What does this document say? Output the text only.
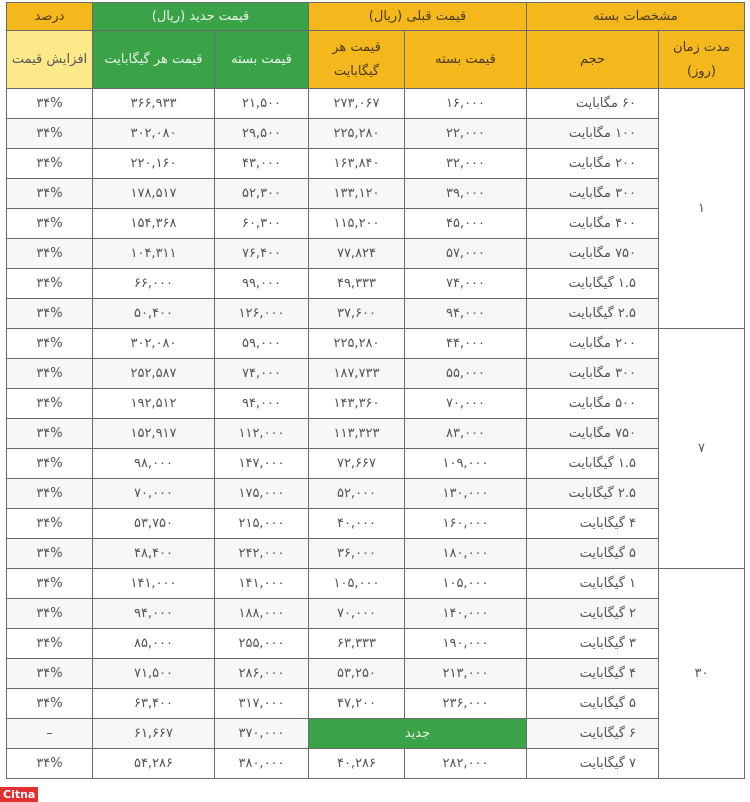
مشخصات بسته		قیمت قبلی (ریال)		قیمت جدید (ریال)		درصد
مدت زمان (روز)	حجم	قیمت بسته	قیمت هر گیگابایت	قیمت بسته	قیمت هر گیگابایت	افزایش قیمت
۱	۶۰ مگابایت	۱۶,۰۰۰	۲۷۳,۰۶۷	۲۱,۵۰۰	۳۶۶,۹۳۳	۳۴%
	۱۰۰ مگابایت	۲۲,۰۰۰	۲۲۵,۲۸۰	۲۹,۵۰۰	۳۰۲,۰۸۰	۳۴%
	۲۰۰ مگابایت	۳۲,۰۰۰	۱۶۳,۸۴۰	۴۳,۰۰۰	۲۲۰,۱۶۰	۳۴%
	۳۰۰ مگابایت	۳۹,۰۰۰	۱۳۳,۱۲۰	۵۲,۳۰۰	۱۷۸,۵۱۷	۳۴%
	۴۰۰ مگابایت	۴۵,۰۰۰	۱۱۵,۲۰۰	۶۰,۳۰۰	۱۵۴,۳۶۸	۳۴%
	۷۵۰ مگابایت	۵۷,۰۰۰	۷۷,۸۲۴	۷۶,۴۰۰	۱۰۴,۳۱۱	۳۴%
	۱.۵ گیگابایت	۷۴,۰۰۰	۴۹,۳۳۳	۹۹,۰۰۰	۶۶,۰۰۰	۳۴%
	۲.۵ گیگابایت	۹۴,۰۰۰	۳۷,۶۰۰	۱۲۶,۰۰۰	۵۰,۴۰۰	۳۴%
۷	۲۰۰ مگابایت	۴۴,۰۰۰	۲۲۵,۲۸۰	۵۹,۰۰۰	۳۰۲,۰۸۰	۳۴%
	۳۰۰ مگابایت	۵۵,۰۰۰	۱۸۷,۷۳۳	۷۴,۰۰۰	۲۵۲,۵۸۷	۳۴%
	۵۰۰ مگابایت	۷۰,۰۰۰	۱۴۳,۳۶۰	۹۴,۰۰۰	۱۹۲,۵۱۲	۳۴%
	۷۵۰ مگابایت	۸۳,۰۰۰	۱۱۳,۳۲۳	۱۱۲,۰۰۰	۱۵۲,۹۱۷	۳۴%
	۱.۵ گیگابایت	۱۰۹,۰۰۰	۷۲,۶۶۷	۱۴۷,۰۰۰	۹۸,۰۰۰	۳۴%
	۲.۵ گیگابایت	۱۳۰,۰۰۰	۵۲,۰۰۰	۱۷۵,۰۰۰	۷۰,۰۰۰	۳۴%
	۴ گیگابایت	۱۶۰,۰۰۰	۴۰,۰۰۰	۲۱۵,۰۰۰	۵۳,۷۵۰	۳۴%
	۵ گیگابایت	۱۸۰,۰۰۰	۳۶,۰۰۰	۲۴۲,۰۰۰	۴۸,۴۰۰	۳۴%
۳۰	۱ گیگابایت	۱۰۵,۰۰۰	۱۰۵,۰۰۰	۱۴۱,۰۰۰	۱۴۱,۰۰۰	۳۴%
	۲ گیگابایت	۱۴۰,۰۰۰	۷۰,۰۰۰	۱۸۸,۰۰۰	۹۴,۰۰۰	۳۴%
	۳ گیگابایت	۱۹۰,۰۰۰	۶۳,۳۳۳	۲۵۵,۰۰۰	۸۵,۰۰۰	۳۴%
	۴ گیگابایت	۲۱۳,۰۰۰	۵۳,۲۵۰	۲۸۶,۰۰۰	۷۱,۵۰۰	۳۴%
	۵ گیگابایت	۲۳۶,۰۰۰	۴۷,۲۰۰	۳۱۷,۰۰۰	۶۳,۴۰۰	۳۴%
	۶ گیگابایت	جدید		۳۷۰,۰۰۰	۶۱,۶۶۷	–
	۷ گیگابایت	۲۸۲,۰۰۰	۴۰,۲۸۶	۳۸۰,۰۰۰	۵۴,۲۸۶	۳۴%
Citna
